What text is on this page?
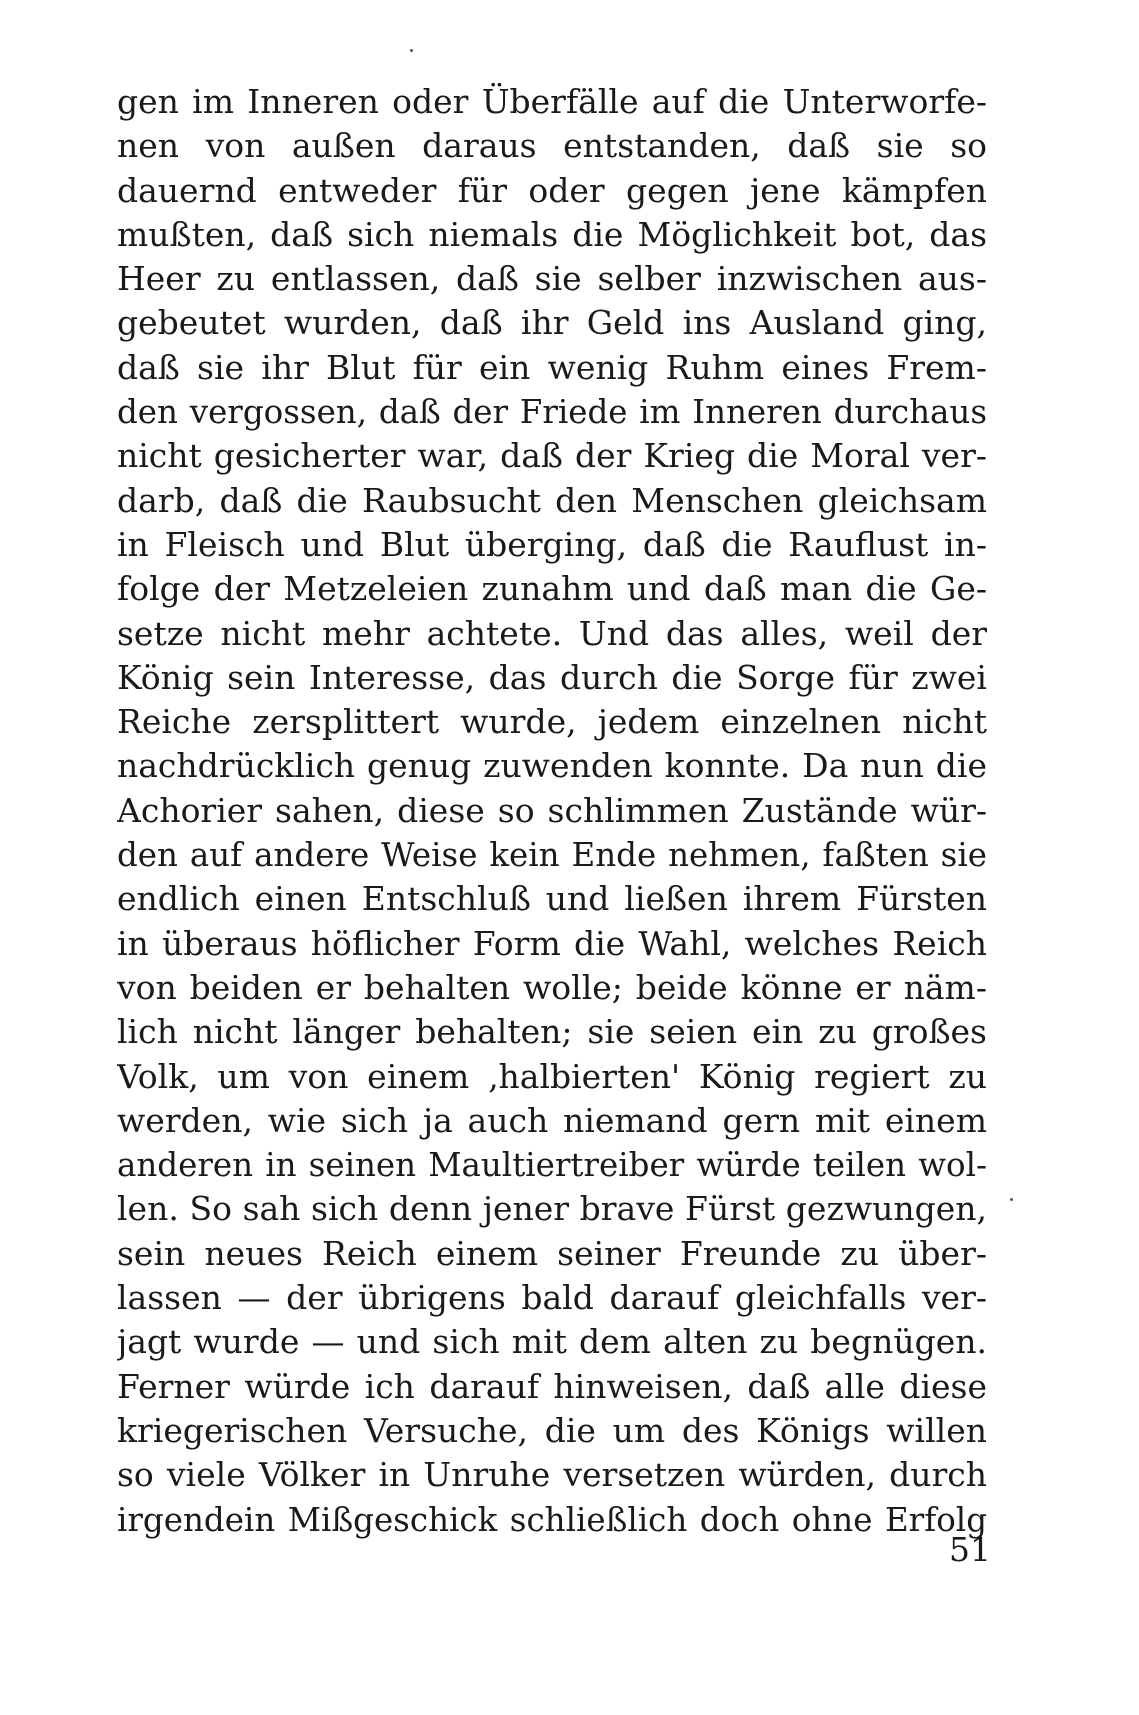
gen im Inneren oder Überfälle auf die Unterworfe-
nen von außen daraus entstanden, daß sie so
dauernd entweder für oder gegen jene kämpfen
mußten, daß sich niemals die Möglichkeit bot, das
Heer zu entlassen, daß sie selber inzwischen aus-
gebeutet wurden, daß ihr Geld ins Ausland ging,
daß sie ihr Blut für ein wenig Ruhm eines Frem-
den vergossen, daß der Friede im Inneren durchaus
nicht gesicherter war, daß der Krieg die Moral ver-
darb, daß die Raubsucht den Menschen gleichsam
in Fleisch und Blut überging, daß die Rauflust in-
folge der Metzeleien zunahm und daß man die Ge-
setze nicht mehr achtete. Und das alles, weil der
König sein Interesse, das durch die Sorge für zwei
Reiche zersplittert wurde, jedem einzelnen nicht
nachdrücklich genug zuwenden konnte. Da nun die
Achorier sahen, diese so schlimmen Zustände wür-
den auf andere Weise kein Ende nehmen, faßten sie
endlich einen Entschluß und ließen ihrem Fürsten
in überaus höflicher Form die Wahl, welches Reich
von beiden er behalten wolle; beide könne er näm-
lich nicht länger behalten; sie seien ein zu großes
Volk, um von einem ‚halbierten' König regiert zu
werden, wie sich ja auch niemand gern mit einem
anderen in seinen Maultiertreiber würde teilen wol-
len. So sah sich denn jener brave Fürst gezwungen,
sein neues Reich einem seiner Freunde zu über-
lassen — der übrigens bald darauf gleichfalls ver-
jagt wurde — und sich mit dem alten zu begnügen.
Ferner würde ich darauf hinweisen, daß alle diese
kriegerischen Versuche, die um des Königs willen
so viele Völker in Unruhe versetzen würden, durch
irgendein Mißgeschick schließlich doch ohne Erfolg
51
